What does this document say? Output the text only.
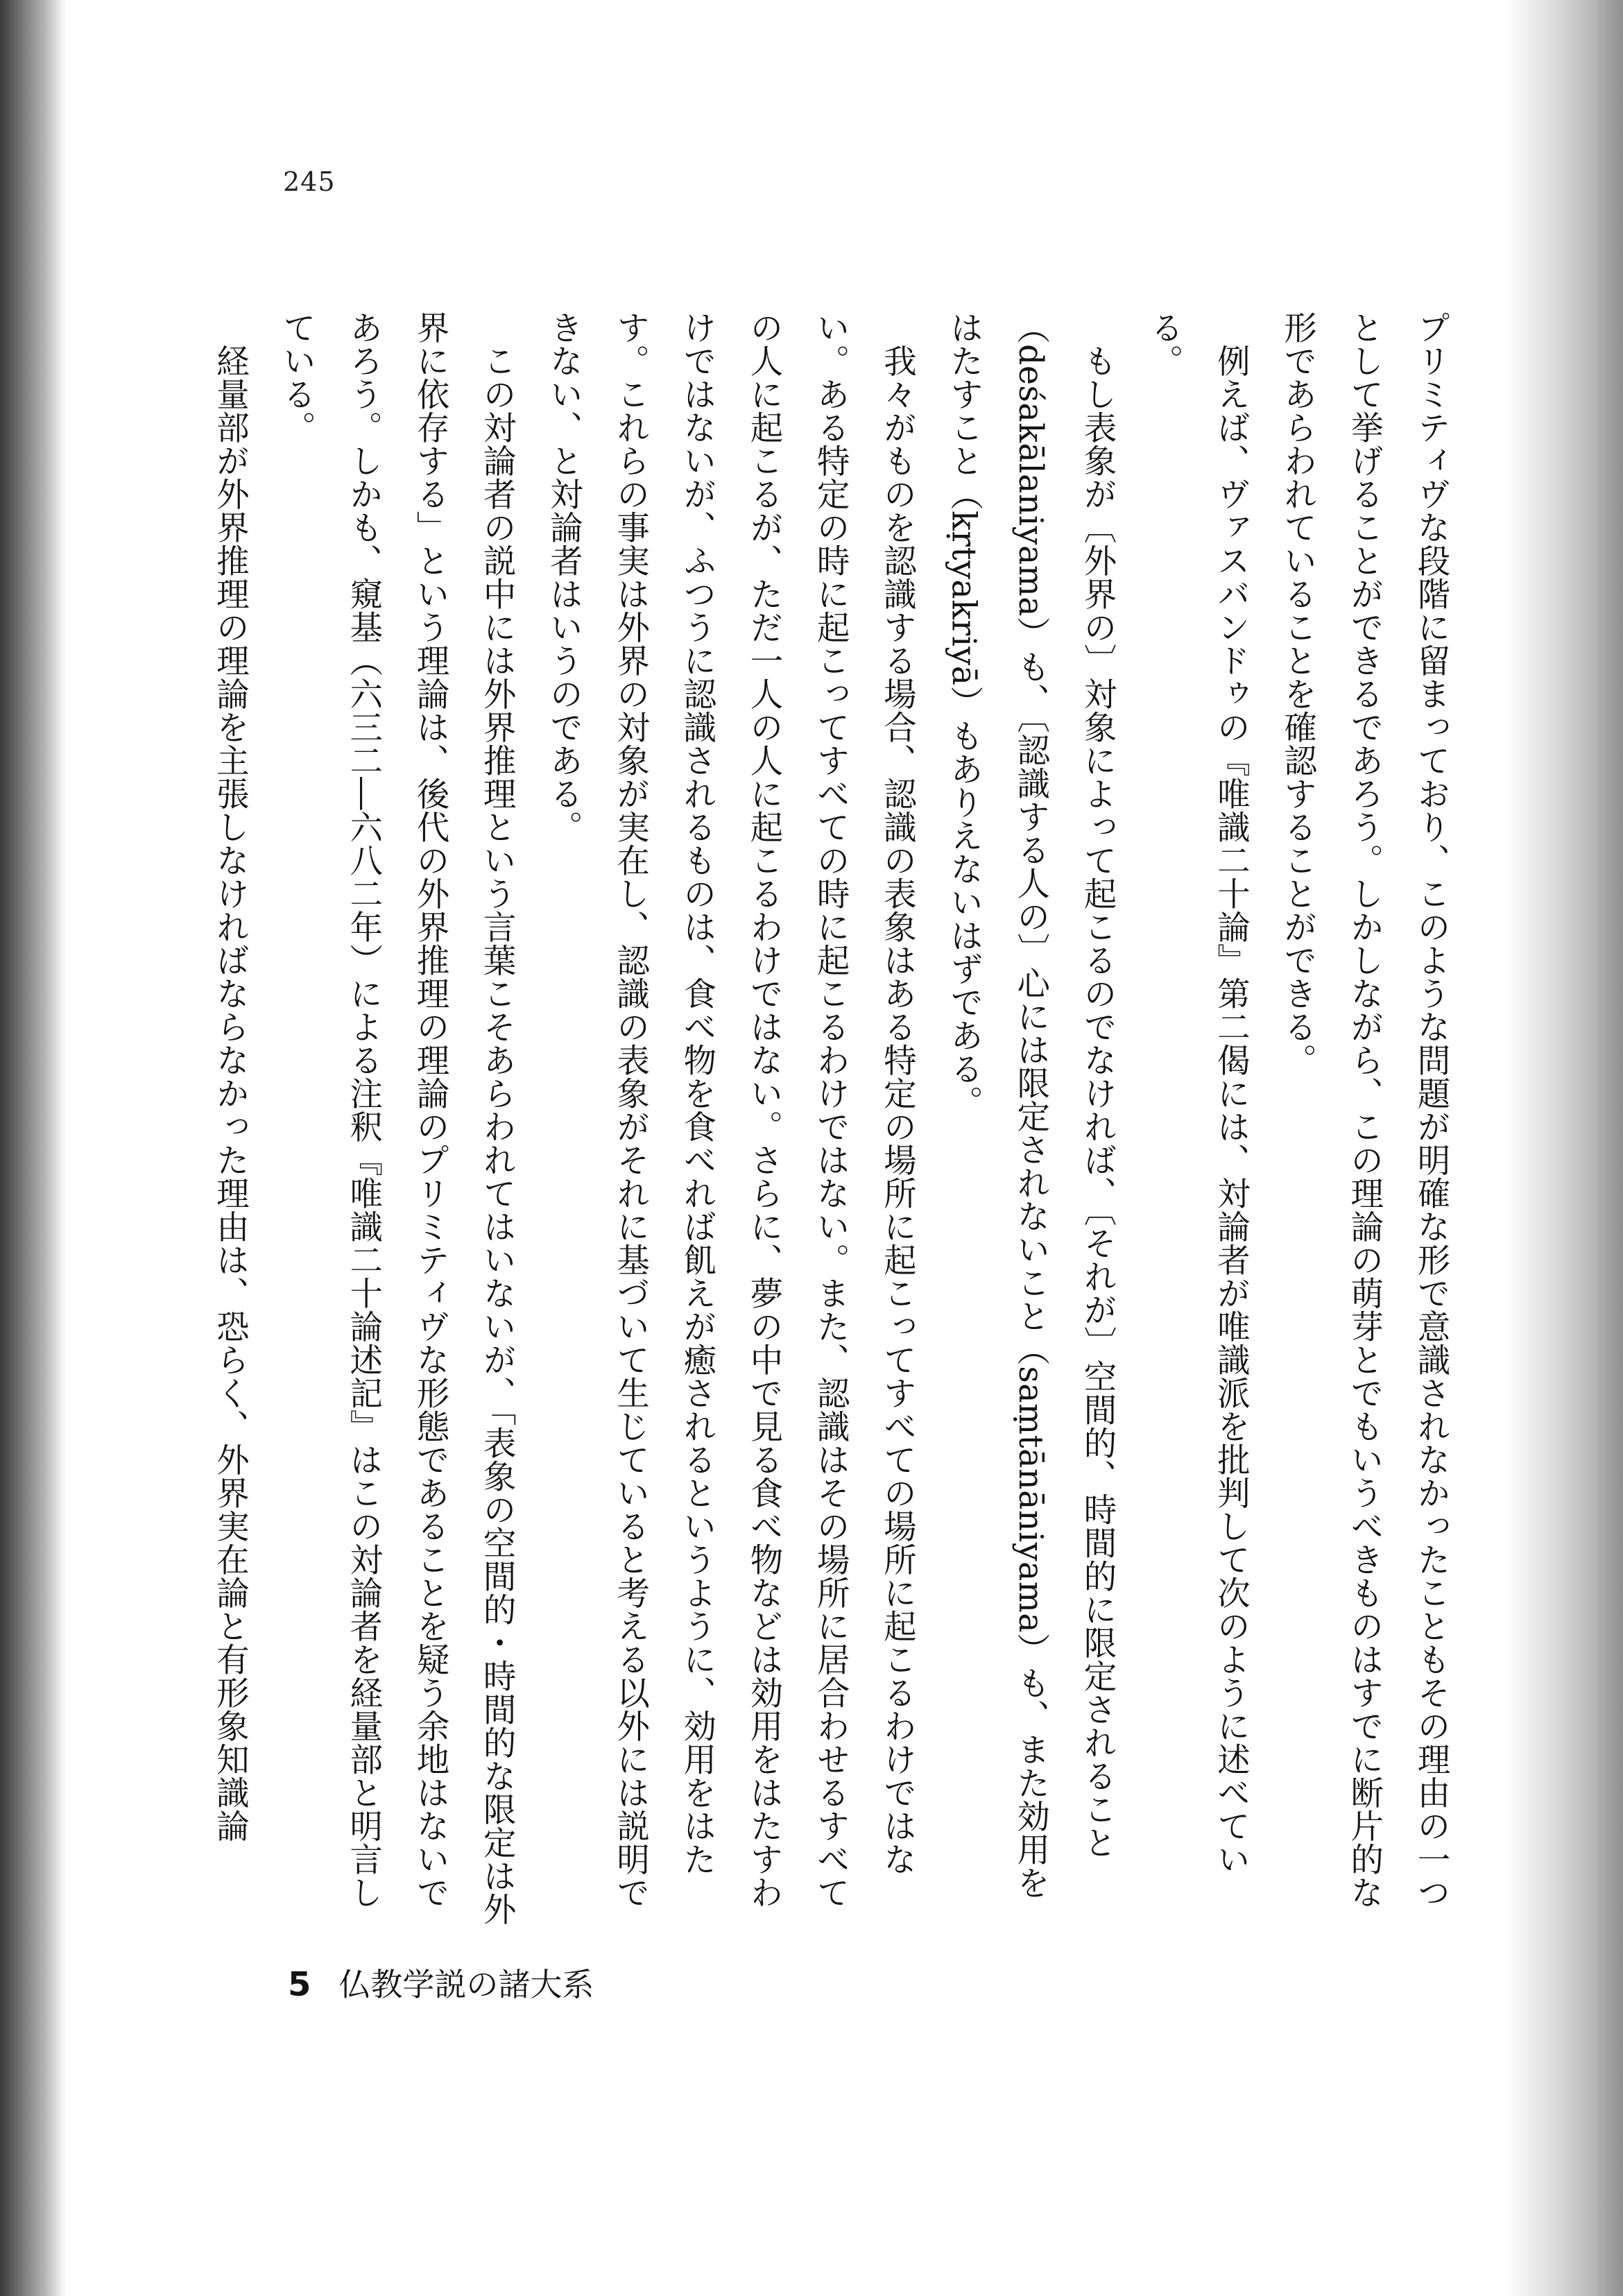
245

プリミティヴな段階に留まっており、このような問題が明確な形で意識されなかったこともその理由の一つとして挙げることができるであろう。しかしながら、この理論の萌芽とでもいうべきものはすでに断片的な形であらわれていることを確認することができる。

例えば、ヴァスバンドゥの『唯識二十論』第二偈には、対論者が唯識派を批判して次のように述べている。

もし表象が〔外界の〕対象によって起こるのでなければ、〔それが〕空間的、時間的に限定されること（deśakālaniyama）も、〔認識する人の〕心には限定されないこと（saṃtānāniyama）も、また効用をはたすこと（kṛtyakriyā）もありえないはずである。

我々がものを認識する場合、認識の表象はある特定の場所に起こってすべての場所に起こるわけではない。ある特定の時に起こってすべての時に起こるわけではない。また、認識はその場所に居合わせるすべての人に起こるが、ただ一人の人に起こるわけではない。さらに、夢の中で見る食べ物などは効用をはたすわけではないが、ふつうに認識されるものは、食べ物を食べれば飢えが癒されるというように、効用をはたす。これらの事実は外界の対象が実在し、認識の表象がそれに基づいて生じていると考える以外には説明できない、と対論者はいうのである。

この対論者の説中には外界推理という言葉こそあらわれてはいないが、「表象の空間的・時間的な限定は外界に依存する」という理論は、後代の外界推理の理論のプリミティヴな形態であることを疑う余地はないであろう。しかも、窺基（六三二―六八二年）による注釈『唯識二十論述記』はこの対論者を経量部と明言している。

経量部が外界推理の理論を主張しなければならなかった理由は、恐らく、外界実在論と有形象知識論

5 仏教学説の諸大系
